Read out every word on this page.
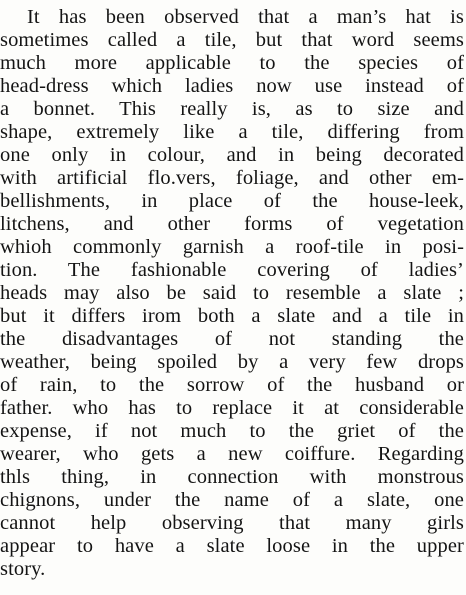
It has been observed that a man’s hat is
sometimes called a tile, but that word seems
much more applicable to the species of
head-dress which ladies now use instead of
a bonnet. This really is, as to size and
shape, extremely like a tile, differing from
one only in colour, and in being decorated
with artificial flo.vers, foliage, and other em-
bellishments, in place of the house-leek,
litchens, and other forms of vegetation
whioh commonly garnish a roof-tile in posi-
tion. The fashionable covering of ladies’
heads may also be said to resemble a slate ;
but it differs irom both a slate and a tile in
the disadvantages of not standing the
weather, being spoiled by a very few drops
of rain, to the sorrow of the husband or
father. who has to replace it at considerable
expense, if not much to the griet of the
wearer, who gets a new coiffure. Regarding
thls thing, in connection with monstrous
chignons, under the name of a slate, one
cannot help observing that many girls
appear to have a slate loose in the upper
story.
